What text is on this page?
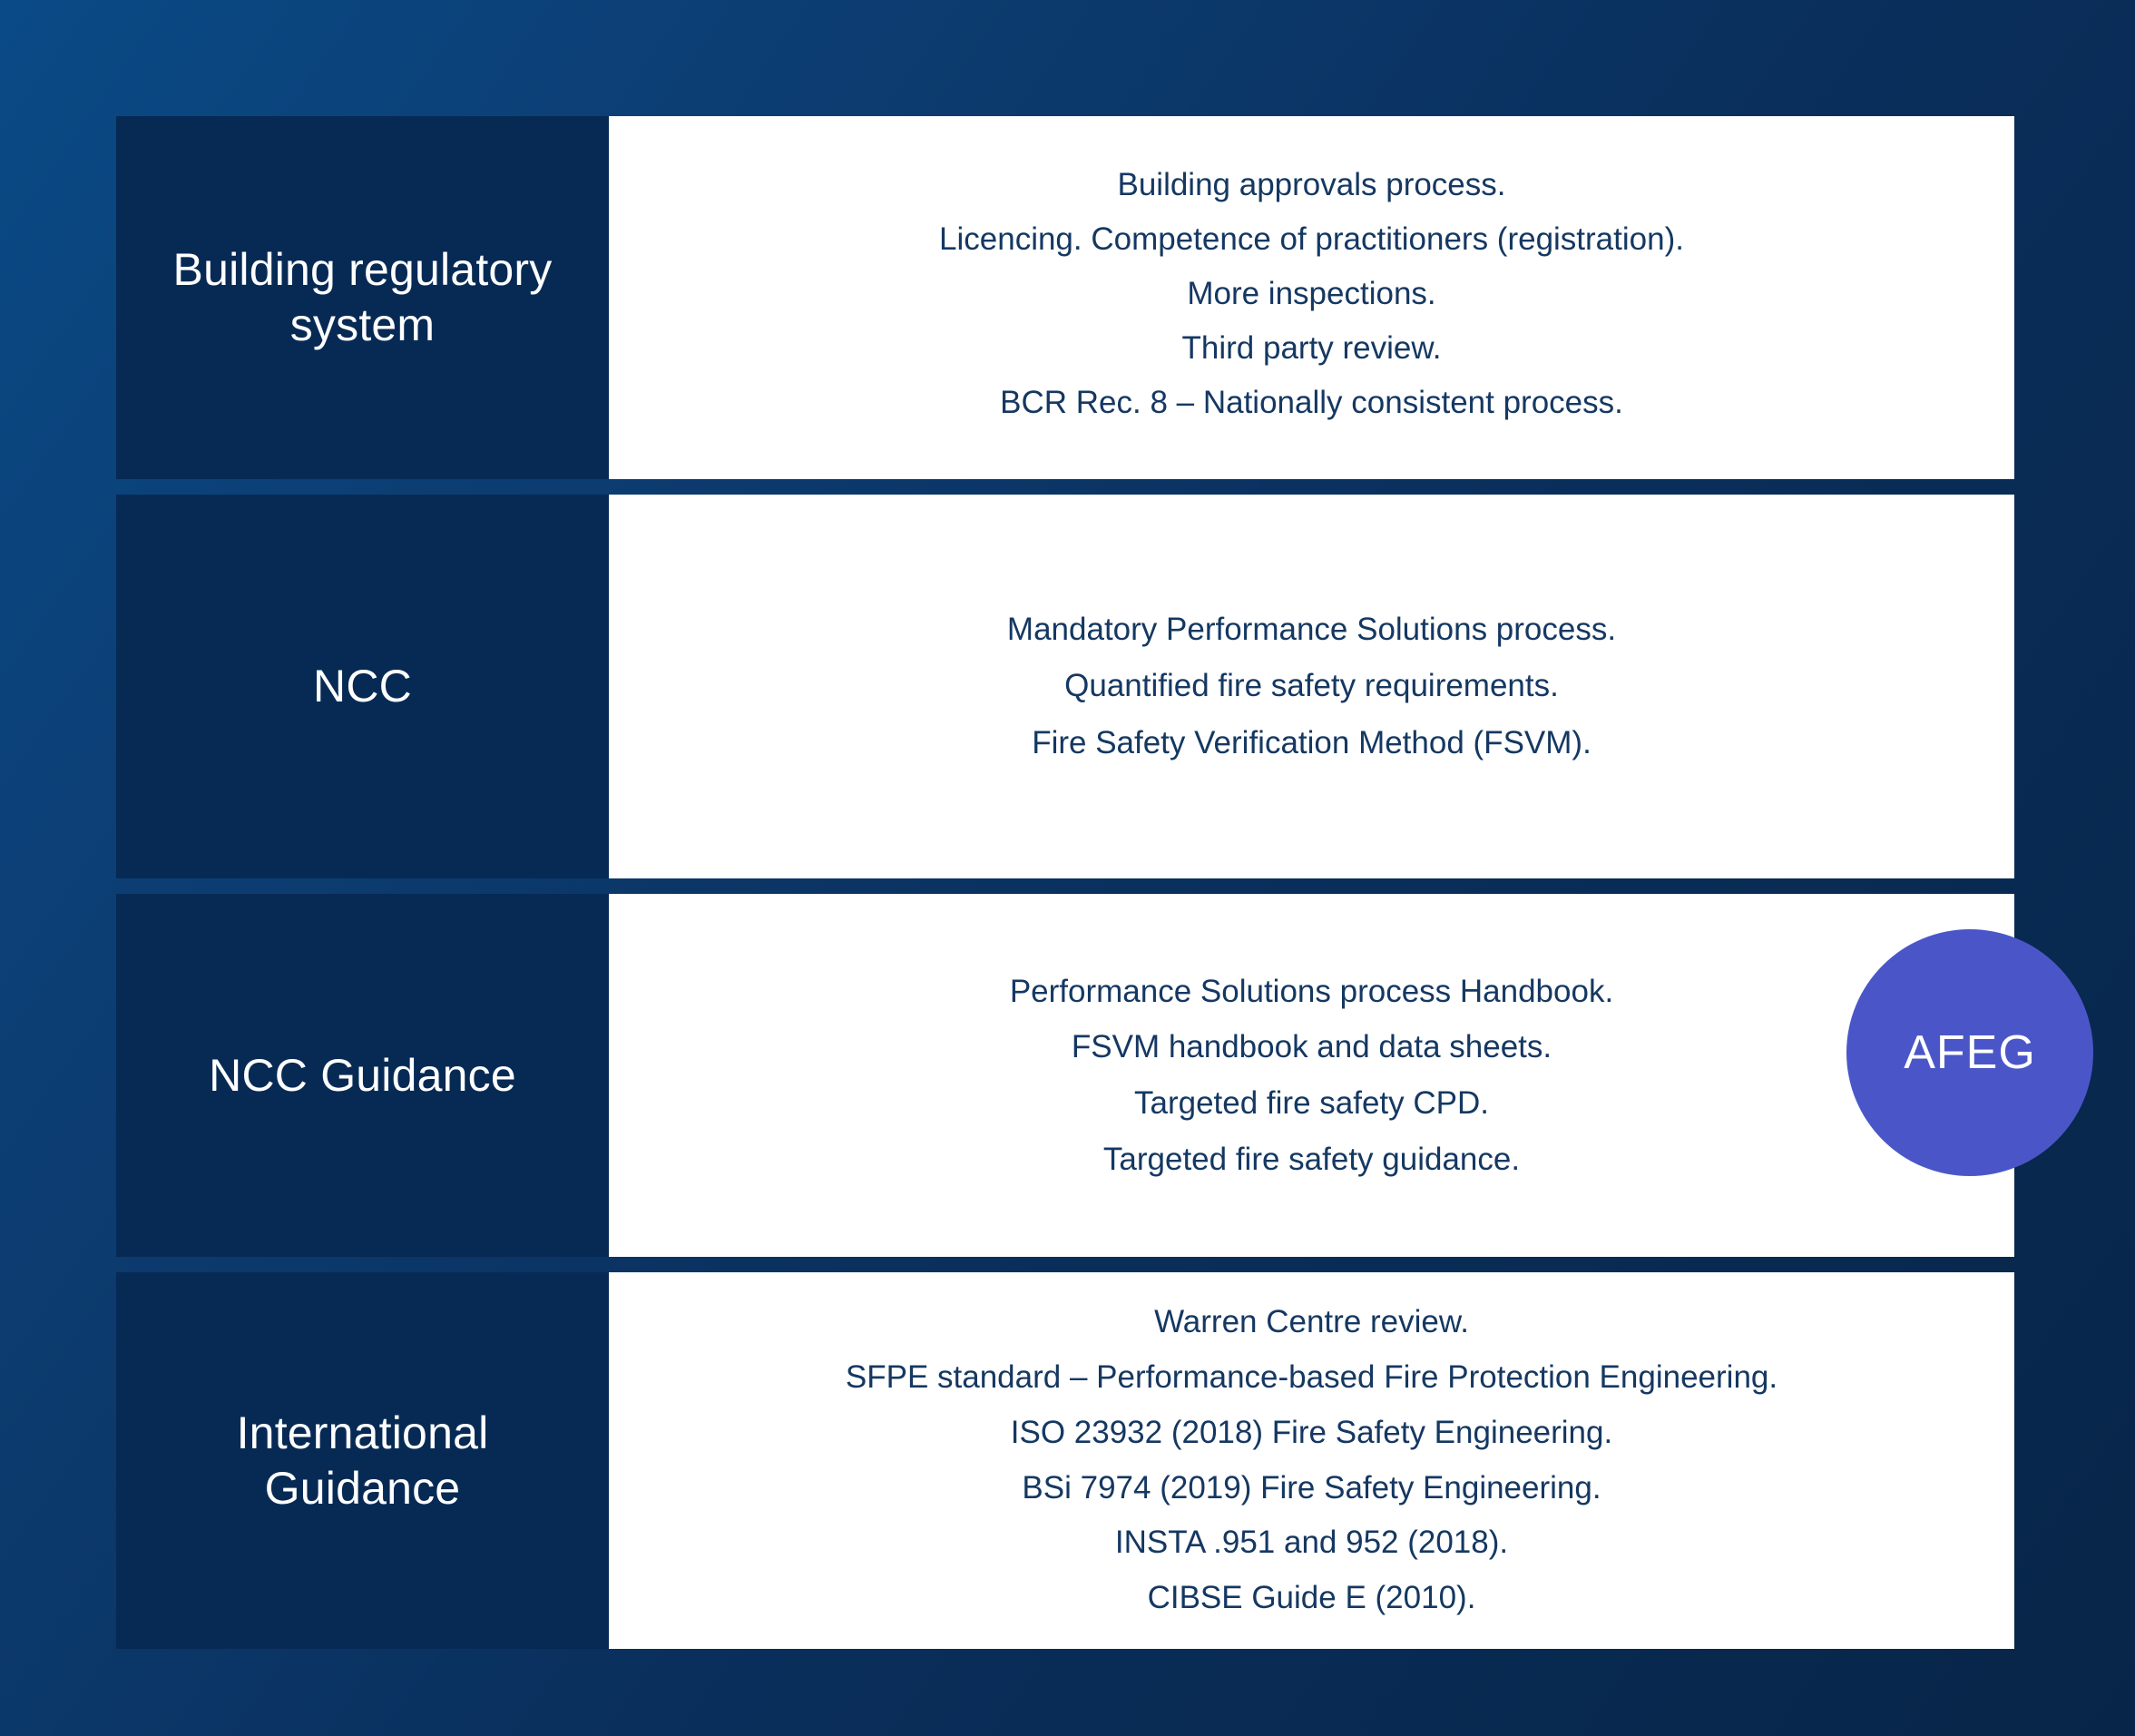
Building regulatory system
Building approvals process.
Licencing. Competence of practitioners (registration).
More inspections.
Third party review.
BCR Rec. 8 – Nationally consistent process.
NCC
Mandatory Performance Solutions process.
Quantified fire safety requirements.
Fire Safety Verification Method (FSVM).
NCC Guidance
Performance Solutions process Handbook.
FSVM handbook and data sheets.
Targeted fire safety CPD.
Targeted fire safety guidance.
International Guidance
Warren Centre review.
SFPE standard – Performance-based Fire Protection Engineering.
ISO 23932 (2018) Fire Safety Engineering.
BSi 7974 (2019) Fire Safety Engineering.
INSTA .951 and 952 (2018).
CIBSE Guide E (2010).
AFEG
